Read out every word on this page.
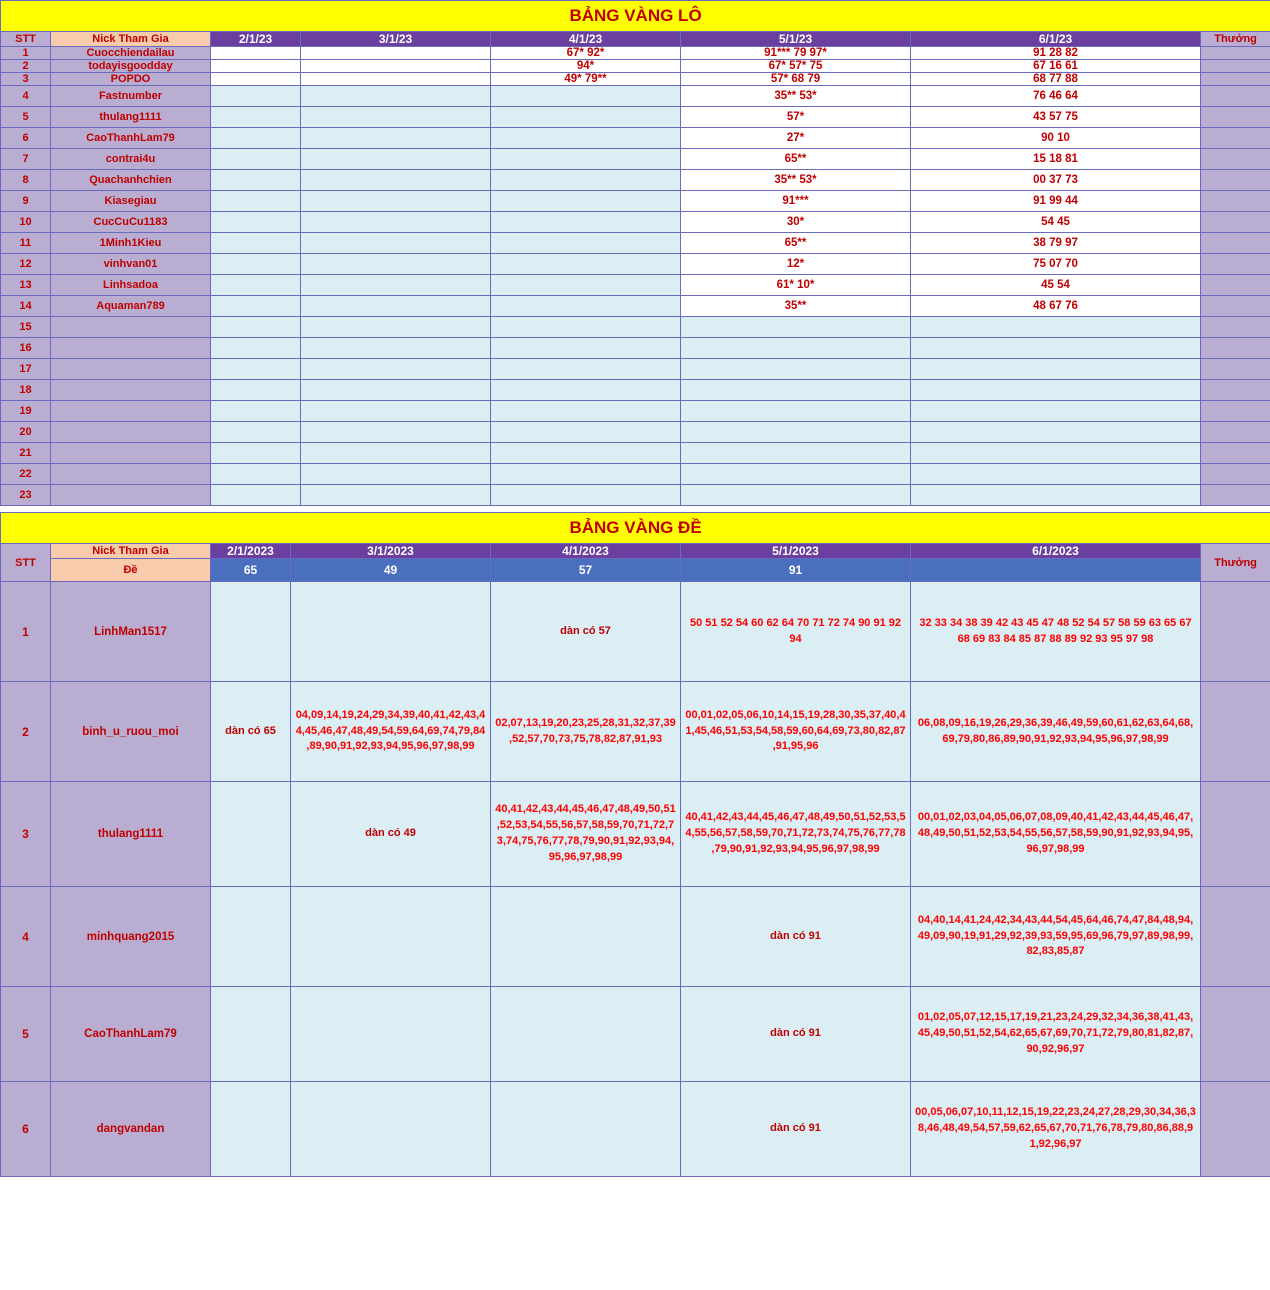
BẢNG VÀNG LÔ							
STT	Nick Tham Gia	2/1/23	3/1/23	4/1/23	5/1/23	6/1/23	Thưởng
1	Cuocchiendailau			67* 92*	91*** 79 97*	91 28 82	
2	todayisgoodday			94*	67* 57* 75	67 16 61	
3	POPDO			49* 79**	57* 68 79	68 77 88	
4	Fastnumber				35** 53*	76 46 64	
5	thulang1111				57*	43 57 75	
6	CaoThanhLam79				27*	90 10	
7	contrai4u				65**	15 18 81	
8	Quachanhchien				35** 53*	00 37 73	
9	Kiasegiau				91***	91 99 44	
10	CucCuCu1183				30*	54 45	
11	1Minh1Kieu				65**	38 79 97	
12	vinhvan01				12*	75 07 70	
13	Linhsadoa				61* 10*	45 54	
14	Aquaman789				35**	48 67 76	
15							
16							
17							
18							
19							
20							
21							
22							
23							
BẢNG VÀNG ĐỀ							
STT	Nick Tham Gia	2/1/2023	3/1/2023	4/1/2023	5/1/2023	6/1/2023	Thưởng
	Đề	65	49	57	91		
1	LinhMan1517			dàn có 57	50 51 52 54 60 62 64 70 71 72 74 90 91 92 94	32 33 34 38 39 42 43 45 47 48 52 54 57 58 59 63 65 67 68 69 83 84 85 87 88 89 92 93 95 97 98	
2	binh_u_ruou_moi	dàn có 65	04,09,14,19,24,29,34,39,40,41,42,43,44,45,46,47,48,49,54,59,64,69,74,79,84,89,90,91,92,93,94,95,96,97,98,99	02,07,13,19,20,23,25,28,31,32,37,39,52,57,70,73,75,78,82,87,91,93	00,01,02,05,06,10,14,15,19,28,30,35,37,40,41,45,46,51,53,54,58,59,60,64,69,73,80,82,87,91,95,96	06,08,09,16,19,26,29,36,39,46,49,59,60,61,62,63,64,68,69,79,80,86,89,90,91,92,93,94,95,96,97,98,99	
3	thulang1111		dàn có 49	40,41,42,43,44,45,46,47,48,49,50,51,52,53,54,55,56,57,58,59,70,71,72,73,74,75,76,77,78,79,90,91,92,93,94,95,96,97,98,99	40,41,42,43,44,45,46,47,48,49,50,51,52,53,54,55,56,57,58,59,70,71,72,73,74,75,76,77,78,79,90,91,92,93,94,95,96,97,98,99	00,01,02,03,04,05,06,07,08,09,40,41,42,43,44,45,46,47,48,49,50,51,52,53,54,55,56,57,58,59,90,91,92,93,94,95,96,97,98,99	
4	minhquang2015				dàn có 91	04,40,14,41,24,42,34,43,44,54,45,64,46,74,47,84,48,94,49,09,90,19,91,29,92,39,93,59,95,69,96,79,97,89,98,99,82,83,85,87	
5	CaoThanhLam79				dàn có 91	01,02,05,07,12,15,17,19,21,23,24,29,32,34,36,38,41,43,45,49,50,51,52,54,62,65,67,69,70,71,72,79,80,81,82,87,90,92,96,97	
6	dangvandan				dàn có 91	00,05,06,07,10,11,12,15,19,22,23,24,27,28,29,30,34,36,38,46,48,49,54,57,59,62,65,67,70,71,76,78,79,80,86,88,91,92,96,97	
